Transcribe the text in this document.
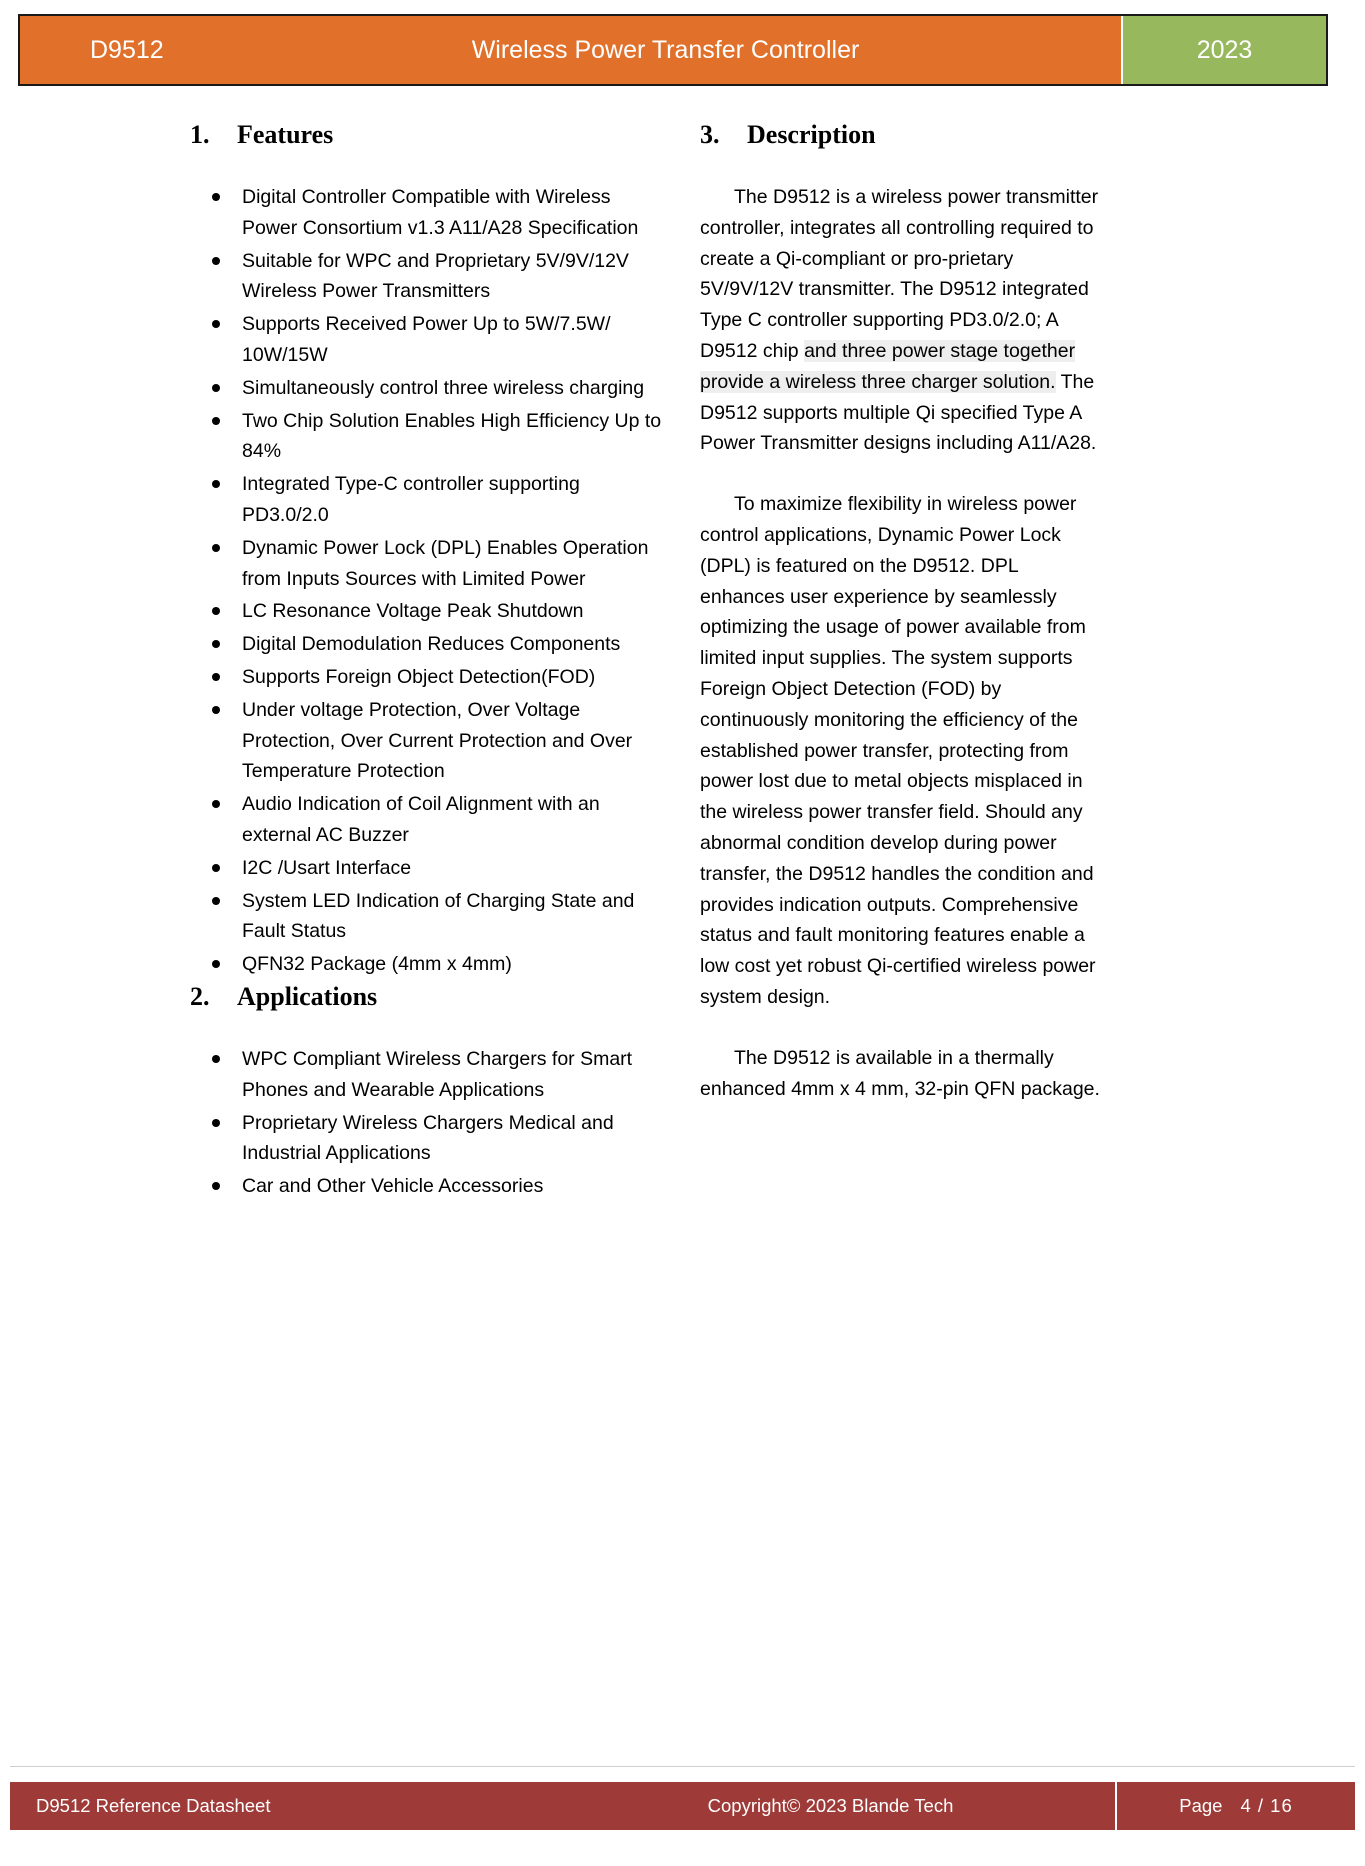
D9512	Wireless Power Transfer Controller	2023
1.	Features
Digital Controller Compatible with Wireless Power Consortium v1.3 A11/A28 Specification
Suitable for WPC and Proprietary 5V/9V/12V Wireless Power Transmitters
Supports Received Power Up to 5W/7.5W/ 10W/15W
Simultaneously control three wireless charging
Two Chip Solution Enables High Efficiency Up to 84%
Integrated Type-C controller supporting PD3.0/2.0
Dynamic Power Lock (DPL) Enables Operation from Inputs Sources with Limited Power
LC Resonance Voltage Peak Shutdown
Digital Demodulation Reduces Components
Supports Foreign Object Detection(FOD)
Under voltage Protection, Over Voltage Protection, Over Current Protection and Over Temperature Protection
Audio Indication of Coil Alignment with an external AC Buzzer
I2C /Usart Interface
System LED Indication of Charging State and Fault Status
QFN32 Package (4mm x 4mm)
2.	Applications
WPC Compliant Wireless Chargers for Smart Phones and Wearable Applications
Proprietary Wireless Chargers Medical and Industrial Applications
Car and Other Vehicle Accessories
3.	Description

The D9512 is a wireless power transmitter controller, integrates all controlling required to create a Qi-compliant or pro-prietary 5V/9V/12V transmitter. The D9512 integrated Type C controller supporting PD3.0/2.0; A D9512 chip and three power stage together provide a wireless three charger solution. The D9512 supports multiple Qi specified Type A Power Transmitter designs including A11/A28.

To maximize flexibility in wireless power control applications, Dynamic Power Lock (DPL) is featured on the D9512. DPL enhances user experience by seamlessly optimizing the usage of power available from limited input supplies. The system supports Foreign Object Detection (FOD) by continuously monitoring the efficiency of the established power transfer, protecting from power lost due to metal objects misplaced in the wireless power transfer field. Should any abnormal condition develop during power transfer, the D9512 handles the condition and provides indication outputs. Comprehensive status and fault monitoring features enable a low cost yet robust Qi-certified wireless power system design.

The D9512 is available in a thermally enhanced 4mm x 4 mm, 32-pin QFN package.

D9512 Reference Datasheet	Copyright© 2023 Blande Tech	Page 4 / 16
